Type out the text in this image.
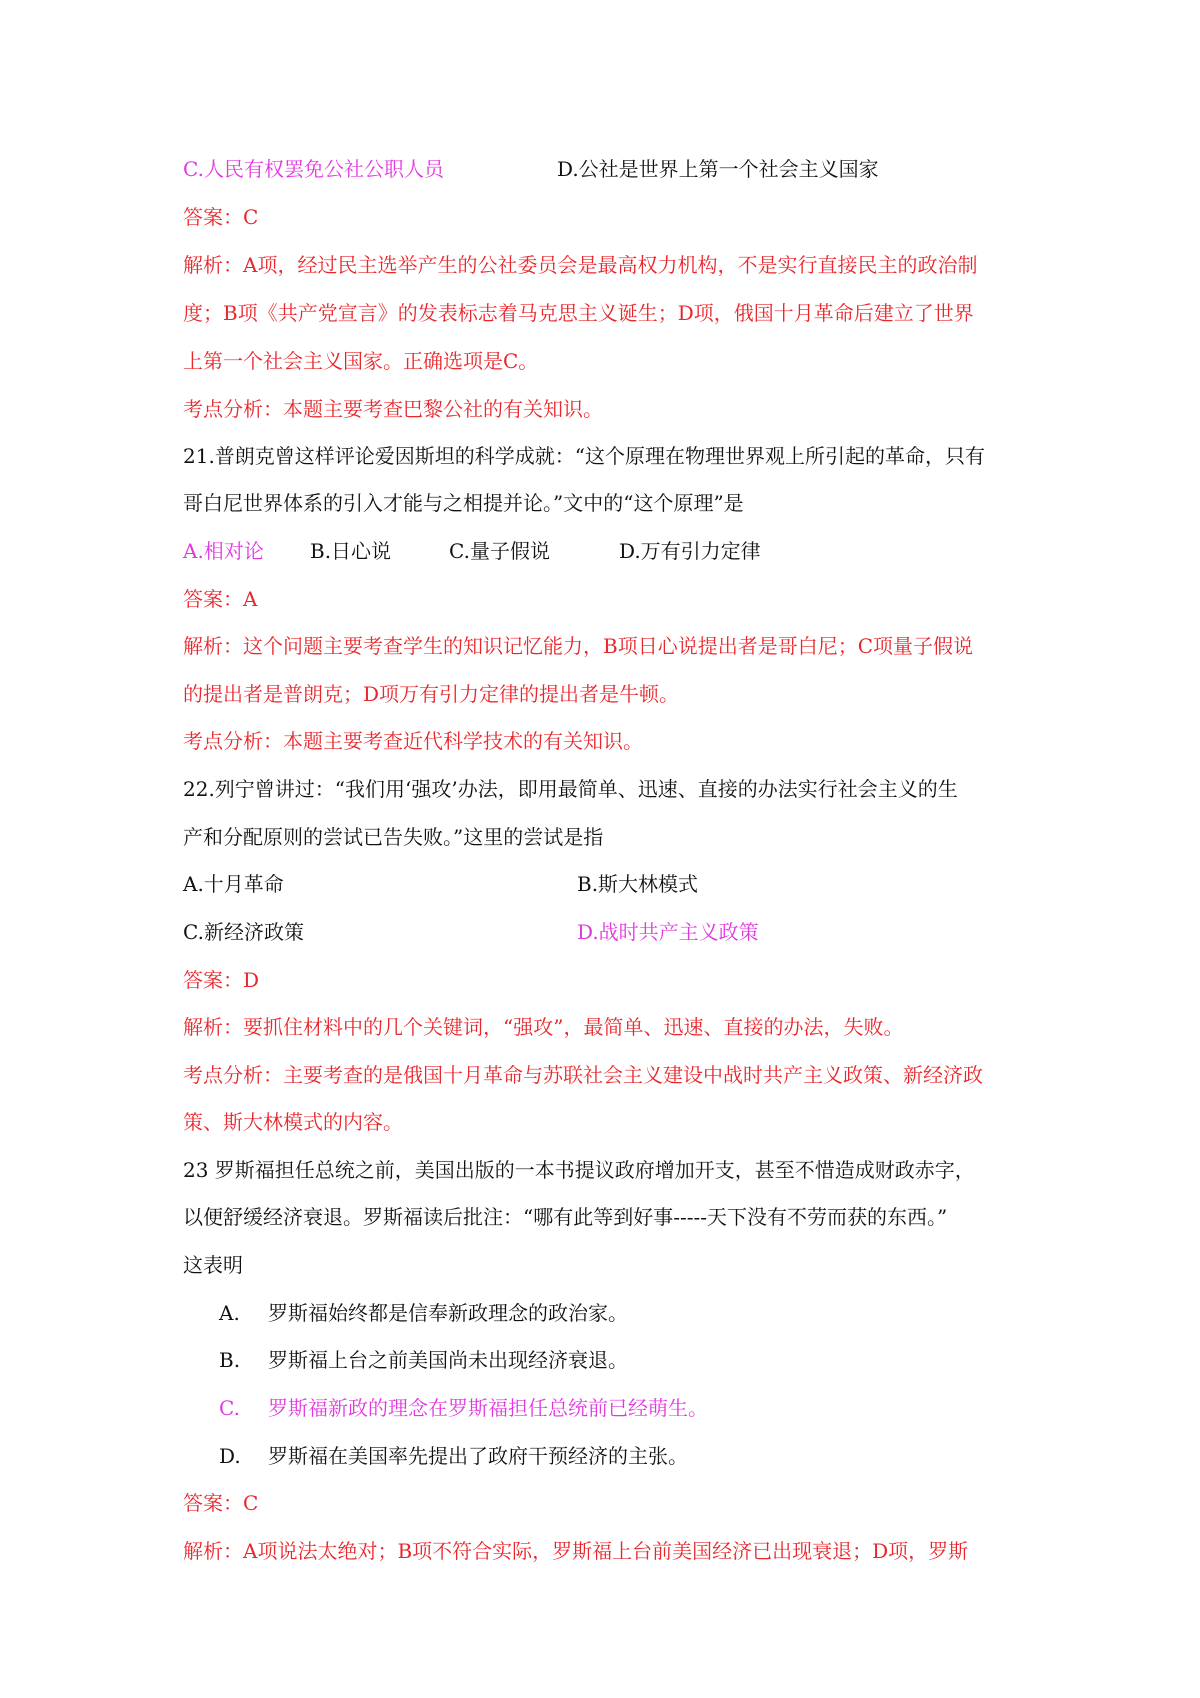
C.人民有权罢免公社公职人员	D.公社是世界上第一个社会主义国家
答案：C
解析：A项，经过民主选举产生的公社委员会是最高权力机构，不是实行直接民主的政治制
度；B项《共产党宣言》的发表标志着马克思主义诞生；D项，俄国十月革命后建立了世界
上第一个社会主义国家。正确选项是C。
考点分析：本题主要考查巴黎公社的有关知识。
21.普朗克曾这样评论爱因斯坦的科学成就：“这个原理在物理世界观上所引起的革命，只有
哥白尼世界体系的引入才能与之相提并论。”文中的“这个原理”是
A.相对论 B.日心说	C.量子假说	D.万有引力定律
答案：A
解析：这个问题主要考查学生的知识记忆能力，B项日心说提出者是哥白尼；C项量子假说
的提出者是普朗克；D项万有引力定律的提出者是牛顿。
考点分析：本题主要考查近代科学技术的有关知识。
22.列宁曾讲过：“我们用‘强攻’办法，即用最简单、迅速、直接的办法实行社会主义的生
产和分配原则的尝试已告失败。”这里的尝试是指
A.十月革命	B.斯大林模式
C.新经济政策	D.战时共产主义政策
答案：D
解析：要抓住材料中的几个关键词，“强攻”，最简单、迅速、直接的办法，失败。
考点分析：主要考查的是俄国十月革命与苏联社会主义建设中战时共产主义政策、新经济政
策、斯大林模式的内容。
23 罗斯福担任总统之前，美国出版的一本书提议政府增加开支，甚至不惜造成财政赤字，
以便舒缓经济衰退。罗斯福读后批注：“哪有此等到好事-----天下没有不劳而获的东西。”
这表明
A. 罗斯福始终都是信奉新政理念的政治家。
B. 罗斯福上台之前美国尚未出现经济衰退。
C. 罗斯福新政的理念在罗斯福担任总统前已经萌生。
D. 罗斯福在美国率先提出了政府干预经济的主张。
答案：C
解析：A项说法太绝对；B项不符合实际，罗斯福上台前美国经济已出现衰退；D项，罗斯
